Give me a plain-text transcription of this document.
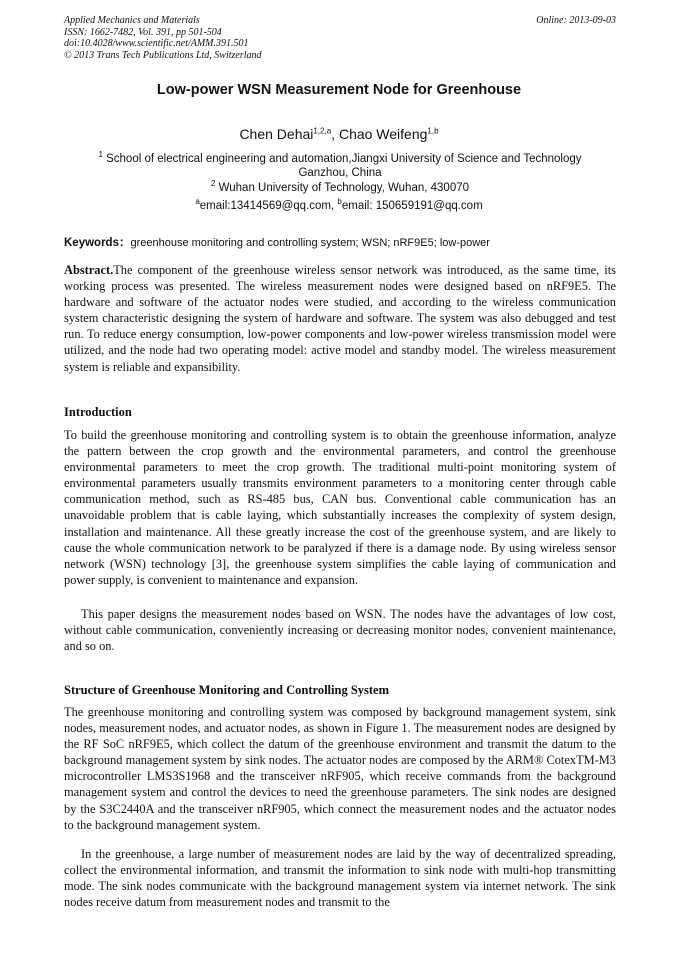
Applied Mechanics and Materials
ISSN: 1662-7482, Vol. 391, pp 501-504
doi:10.4028/www.scientific.net/AMM.391.501
© 2013 Trans Tech Publications Ltd, Switzerland
Online: 2013-09-03
Low-power WSN Measurement Node for Greenhouse
Chen Dehai$^{1,2,a}$, Chao Weifeng$^{1,b}$
$^1$ School of electrical engineering and automation,Jiangxi University of Science and Technology
Ganzhou, China
$^2$ Wuhan University of Technology, Wuhan, 430070
$^a$email:13414569@qq.com, $^b$email: 150659191@qq.com
Keywords：greenhouse monitoring and controlling system; WSN; nRF9E5; low-power
Abstract.The component of the greenhouse wireless sensor network was introduced, as the same time, its working process was presented. The wireless measurement nodes were designed based on nRF9E5. The hardware and software of the actuator nodes were studied, and according to the wireless communication system characteristic designing the system of hardware and software. The system was also debugged and test run. To reduce energy consumption, low-power components and low-power wireless transmission model were utilized, and the node had two operating model: active model and standby model. The wireless measurement system is reliable and expansibility.
Introduction
To build the greenhouse monitoring and controlling system is to obtain the greenhouse information, analyze the pattern between the crop growth and the environmental parameters, and control the greenhouse environmental parameters to meet the crop growth. The traditional multi-point monitoring system of environmental parameters usually transmits environment parameters to a monitoring center through cable communication method, such as RS-485 bus, CAN bus. Conventional cable communication has an unavoidable problem that is cable laying, which substantially increases the complexity of system design, installation and maintenance. All these greatly increase the cost of the greenhouse system, and are likely to cause the whole communication network to be paralyzed if there is a damage node. By using wireless sensor network (WSN) technology [3], the greenhouse system simplifies the cable laying of communication and power supply, is convenient to maintenance and expansion.
This paper designs the measurement nodes based on WSN. The nodes have the advantages of low cost, without cable communication, conveniently increasing or decreasing monitor nodes, convenient maintenance, and so on.
Structure of Greenhouse Monitoring and Controlling System
The greenhouse monitoring and controlling system was composed by background management system, sink nodes, measurement nodes, and actuator nodes, as shown in Figure 1. The measurement nodes are designed by the RF SoC nRF9E5, which collect the datum of the greenhouse environment and transmit the datum to the background management system by sink nodes. The actuator nodes are composed by the ARM® CotexTM-M3 microcontroller LMS3S1968 and the transceiver nRF905, which receive commands from the background management system and control the devices to need the greenhouse parameters. The sink nodes are designed by the S3C2440A and the transceiver nRF905, which connect the measurement nodes and the actuator nodes to the background management system.
In the greenhouse, a large number of measurement nodes are laid by the way of decentralized spreading, collect the environmental information, and transmit the information to sink node with multi-hop transmitting mode. The sink nodes communicate with the background management system via internet network. The sink nodes receive datum from measurement nodes and transmit to the
